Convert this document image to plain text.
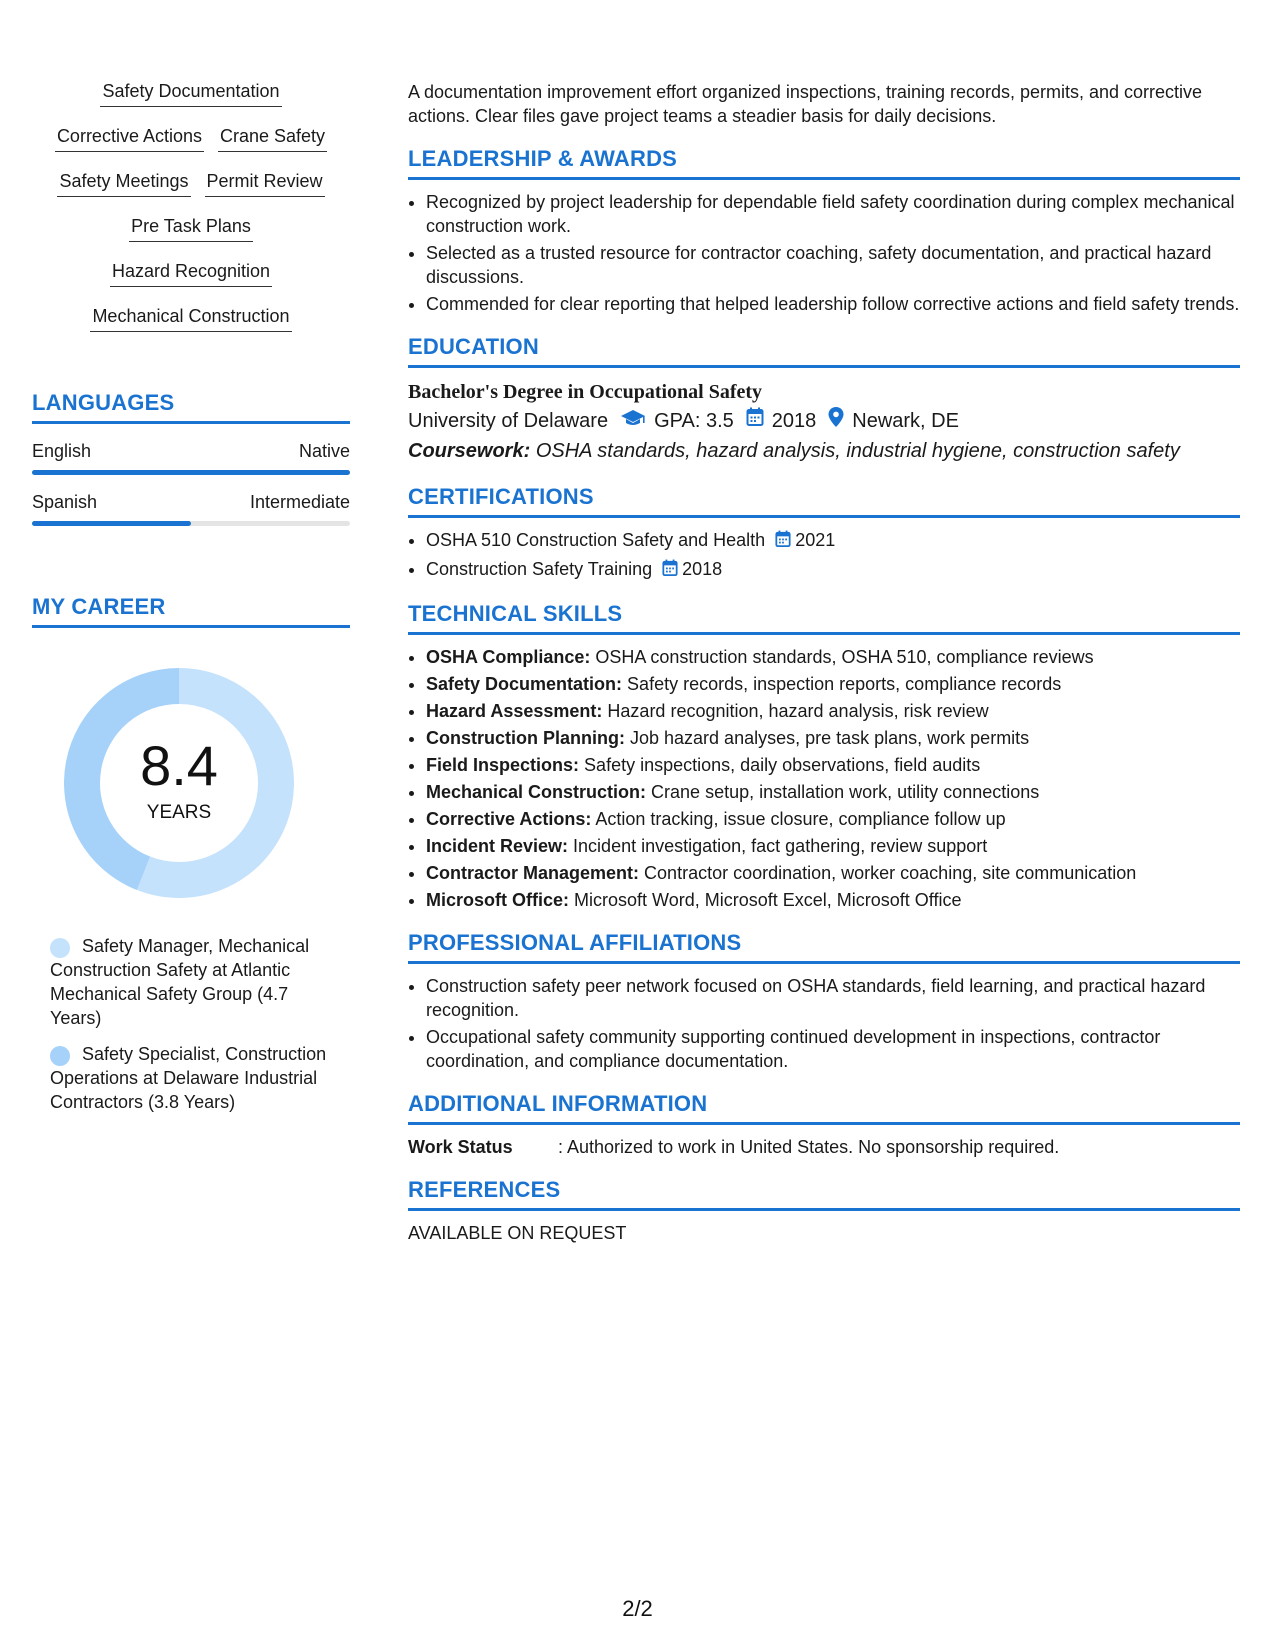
Safety Documentation
Corrective Actions Crane Safety
Safety Meetings Permit Review
Pre Task Plans
Hazard Recognition
Mechanical Construction
LANGUAGES
English	Native
Spanish	Intermediate
MY CAREER
8.4
YEARS
Safety Manager, Mechanical Construction Safety at Atlantic Mechanical Safety Group (4.7 Years)
Safety Specialist, Construction Operations at Delaware Industrial Contractors (3.8 Years)

A documentation improvement effort organized inspections, training records, permits, and corrective actions. Clear files gave project teams a steadier basis for daily decisions.

LEADERSHIP & AWARDS
• Recognized by project leadership for dependable field safety coordination during complex mechanical construction work.
• Selected as a trusted resource for contractor coaching, safety documentation, and practical hazard discussions.
• Commended for clear reporting that helped leadership follow corrective actions and field safety trends.
EDUCATION
Bachelor's Degree in Occupational Safety
University of Delaware GPA: 3.5 2018 Newark, DE
Coursework: OSHA standards, hazard analysis, industrial hygiene, construction safety
CERTIFICATIONS
• OSHA 510 Construction Safety and Health 2021
• Construction Safety Training 2018
TECHNICAL SKILLS
• OSHA Compliance: OSHA construction standards, OSHA 510, compliance reviews
• Safety Documentation: Safety records, inspection reports, compliance records
• Hazard Assessment: Hazard recognition, hazard analysis, risk review
• Construction Planning: Job hazard analyses, pre task plans, work permits
• Field Inspections: Safety inspections, daily observations, field audits
• Mechanical Construction: Crane setup, installation work, utility connections
• Corrective Actions: Action tracking, issue closure, compliance follow up
• Incident Review: Incident investigation, fact gathering, review support
• Contractor Management: Contractor coordination, worker coaching, site communication
• Microsoft Office: Microsoft Word, Microsoft Excel, Microsoft Office
PROFESSIONAL AFFILIATIONS
• Construction safety peer network focused on OSHA standards, field learning, and practical hazard recognition.
• Occupational safety community supporting continued development in inspections, contractor coordination, and compliance documentation.
ADDITIONAL INFORMATION
Work Status	: Authorized to work in United States. No sponsorship required.
REFERENCES
AVAILABLE ON REQUEST
2/2
